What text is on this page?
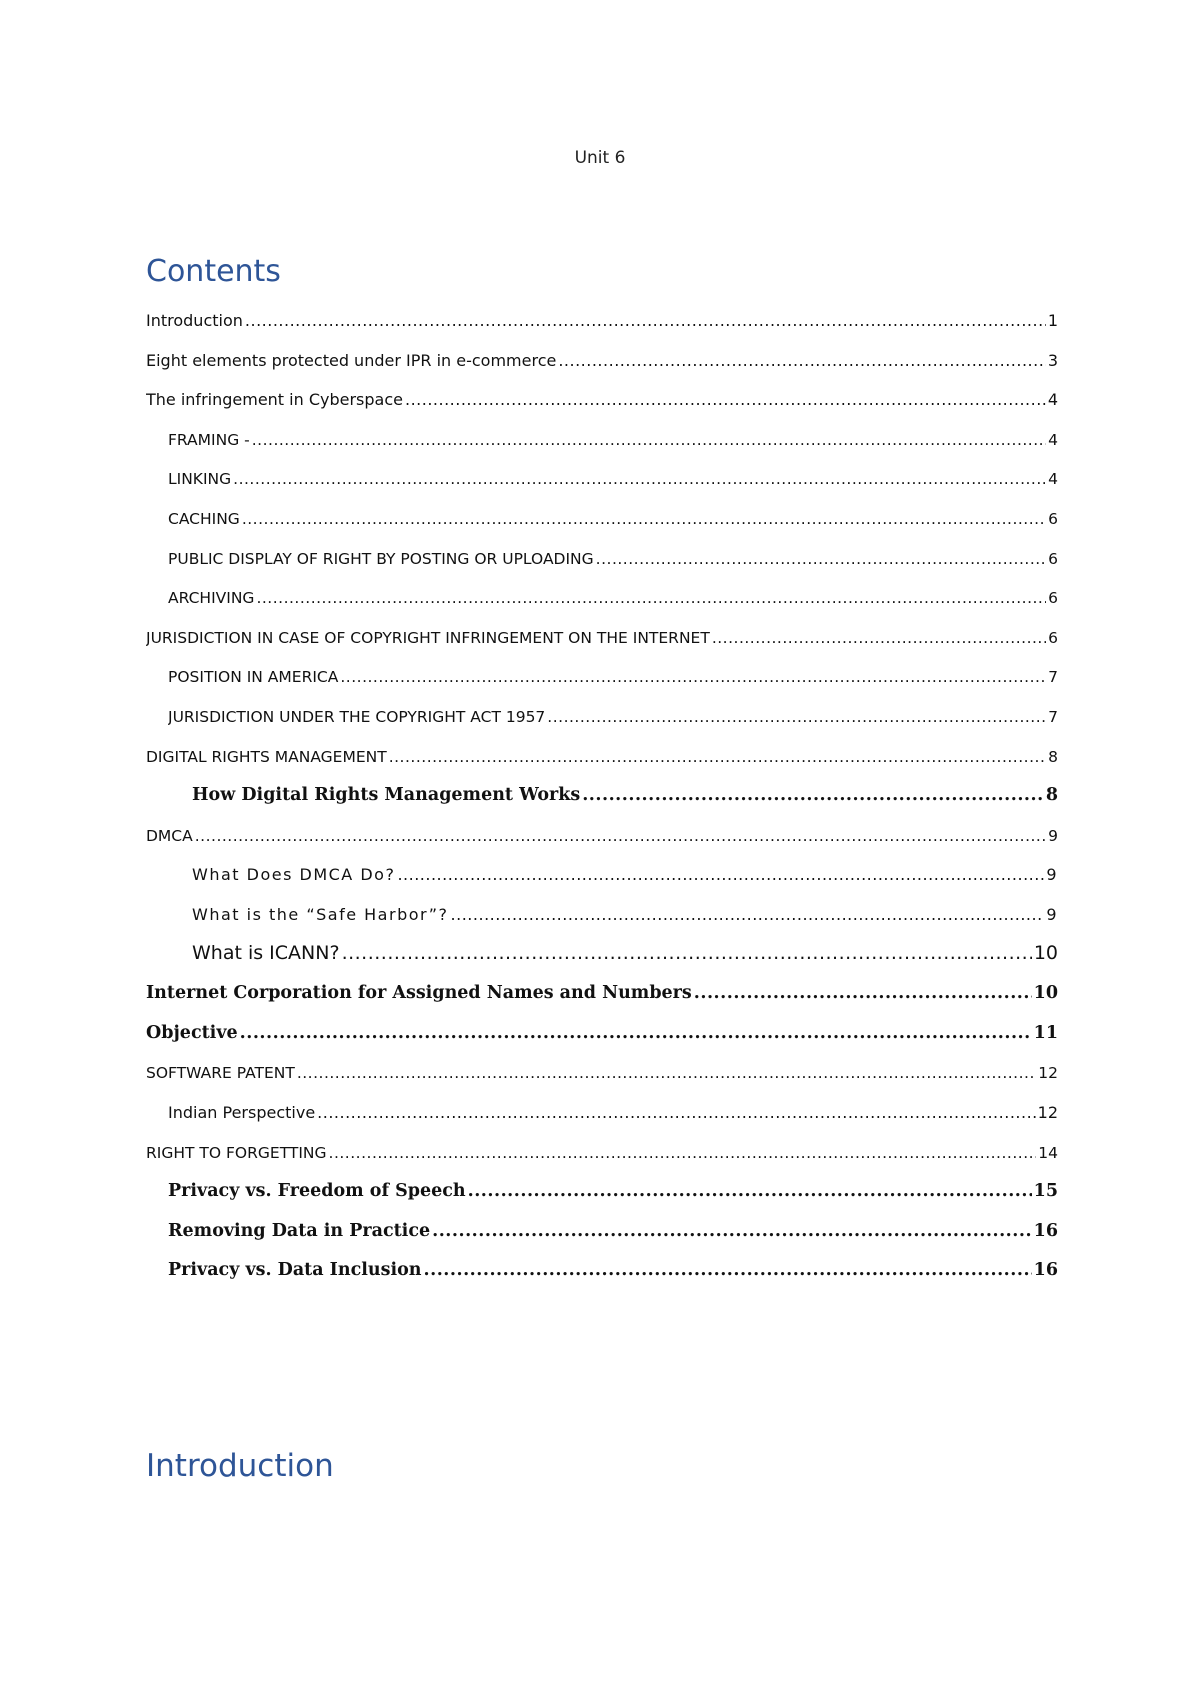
Unit 6
Contents
Introduction .....	1
Eight elements protected under IPR in e-commerce .....	3
The infringement in Cyberspace .....	4
FRAMING - .....	4
LINKING .....	4
CACHING .....	6
PUBLIC DISPLAY OF RIGHT BY POSTING OR UPLOADING .....	6
ARCHIVING .....	6
JURISDICTION IN CASE OF COPYRIGHT INFRINGEMENT ON THE INTERNET .....	6
POSITION IN AMERICA .....	7
JURISDICTION UNDER THE COPYRIGHT ACT 1957 .....	7
DIGITAL RIGHTS MANAGEMENT .....	8
How Digital Rights Management Works .....	8
DMCA .....	9
What Does DMCA Do? .....	9
What is the “Safe Harbor”? .....	9
What is ICANN? .....	10
Internet Corporation for Assigned Names and Numbers .....	10
Objective .....	11
SOFTWARE PATENT .....	12
Indian Perspective .....	12
RIGHT TO FORGETTING .....	14
Privacy vs. Freedom of Speech .....	15
Removing Data in Practice .....	16
Privacy vs. Data Inclusion .....	16
Introduction
